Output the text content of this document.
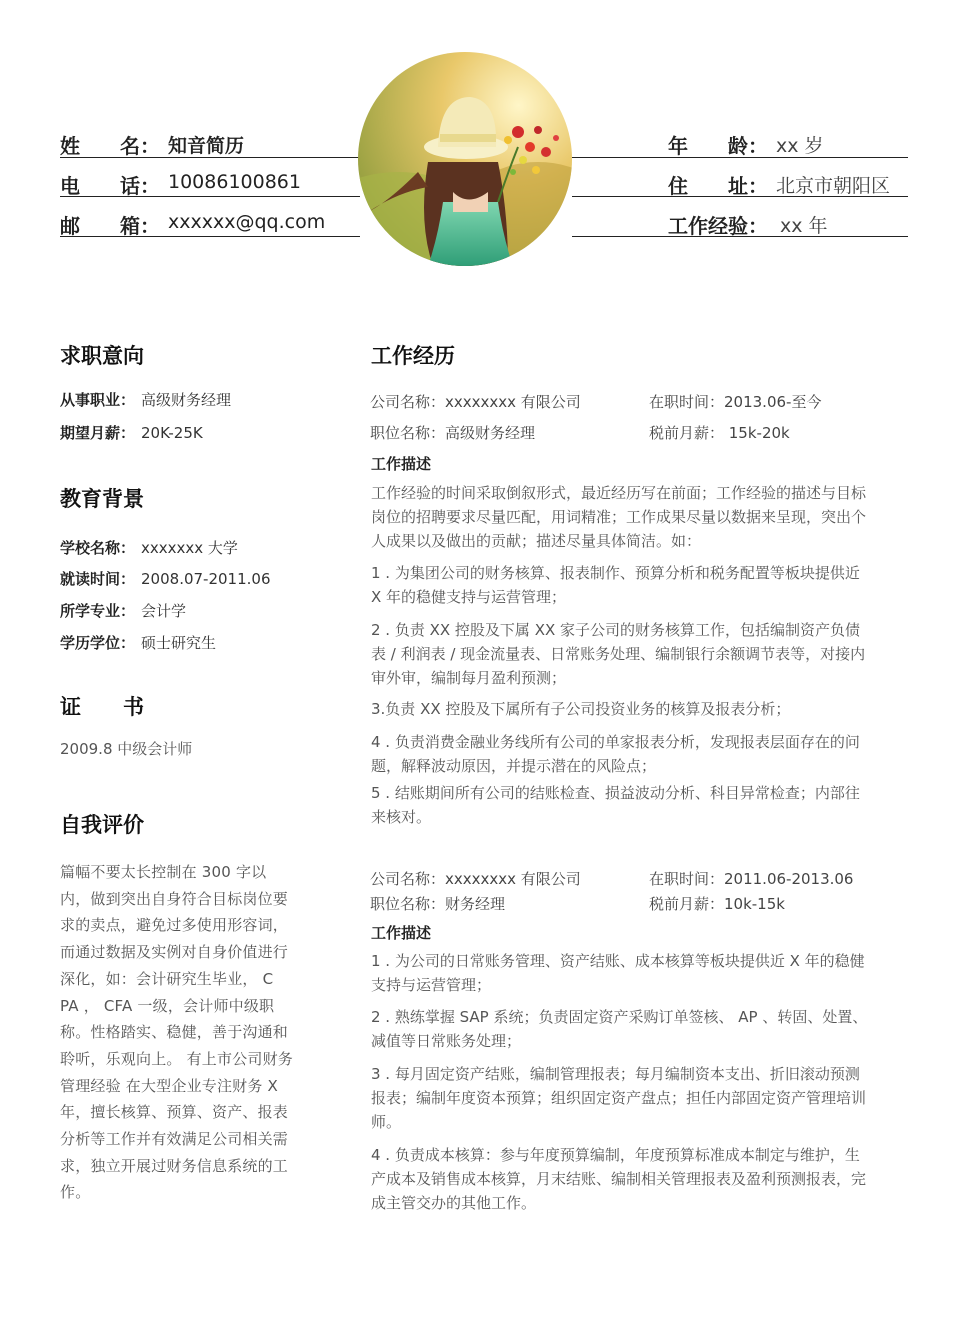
姓　　名： 知音简历
电　　话： 10086100861
邮　　箱： xxxxxx@qq.com
年　　龄： xx 岁
住　　址： 北京市朝阳区
工作经验： xx 年
求职意向
从事职业： 高级财务经理
期望月薪： 20K-25K
教育背景
学校名称： xxxxxxx 大学
就读时间： 2008.07-2011.06
所学专业： 会计学
学历学位： 硕士研究生
证　　书
2009.8 中级会计师
自我评价
篇幅不要太长控制在 300 字以
内，做到突出自身符合目标岗位要
求的卖点，避免过多使用形容词，
而通过数据及实例对自身价值进行
深化，如：会计研究生毕业， C
PA ， CFA 一级，会计师中级职
称。性格踏实、稳健，善于沟通和
聆听，乐观向上。 有上市公司财务
管理经验 在大型企业专注财务 X
年，擅长核算、预算、资产、报表
分析等工作并有效满足公司相关需
求，独立开展过财务信息系统的工
作。
工作经历
公司名称：xxxxxxxx 有限公司	在职时间：2013.06-至今
职位名称：高级财务经理	税前月薪： 15k-20k
工作描述
工作经验的时间采取倒叙形式，最近经历写在前面；工作经验的描述与目标
岗位的招聘要求尽量匹配，用词精准；工作成果尽量以数据来呈现，突出个
人成果以及做出的贡献；描述尽量具体简洁。如：
1 . 为集团公司的财务核算、报表制作、预算分析和税务配置等板块提供近
X 年的稳健支持与运营管理；
2 . 负责 XX 控股及下属 XX 家子公司的财务核算工作，包括编制资产负债
表 / 利润表 / 现金流量表、日常账务处理、编制银行余额调节表等，对接内
审外审，编制每月盈利预测；
3.负责 XX 控股及下属所有子公司投资业务的核算及报表分析；
4 . 负责消费金融业务线所有公司的单家报表分析，发现报表层面存在的问
题，解释波动原因，并提示潜在的风险点；
5 . 结账期间所有公司的结账检查、损益波动分析、科目异常检查；内部往
来核对。
公司名称：xxxxxxxx 有限公司	在职时间：2011.06-2013.06
职位名称：财务经理	税前月薪：10k-15k
工作描述
1 . 为公司的日常账务管理、资产结账、成本核算等板块提供近 X 年的稳健
支持与运营管理；
2 . 熟练掌握 SAP 系统；负责固定资产采购订单签核、 AP 、转固、处置、
减值等日常账务处理；
3 . 每月固定资产结账，编制管理报表；每月编制资本支出、折旧滚动预测
报表；编制年度资本预算；组织固定资产盘点；担任内部固定资产管理培训
师。
4 . 负责成本核算：参与年度预算编制，年度预算标准成本制定与维护，生
产成本及销售成本核算，月末结账、编制相关管理报表及盈利预测报表，完
成主管交办的其他工作。
